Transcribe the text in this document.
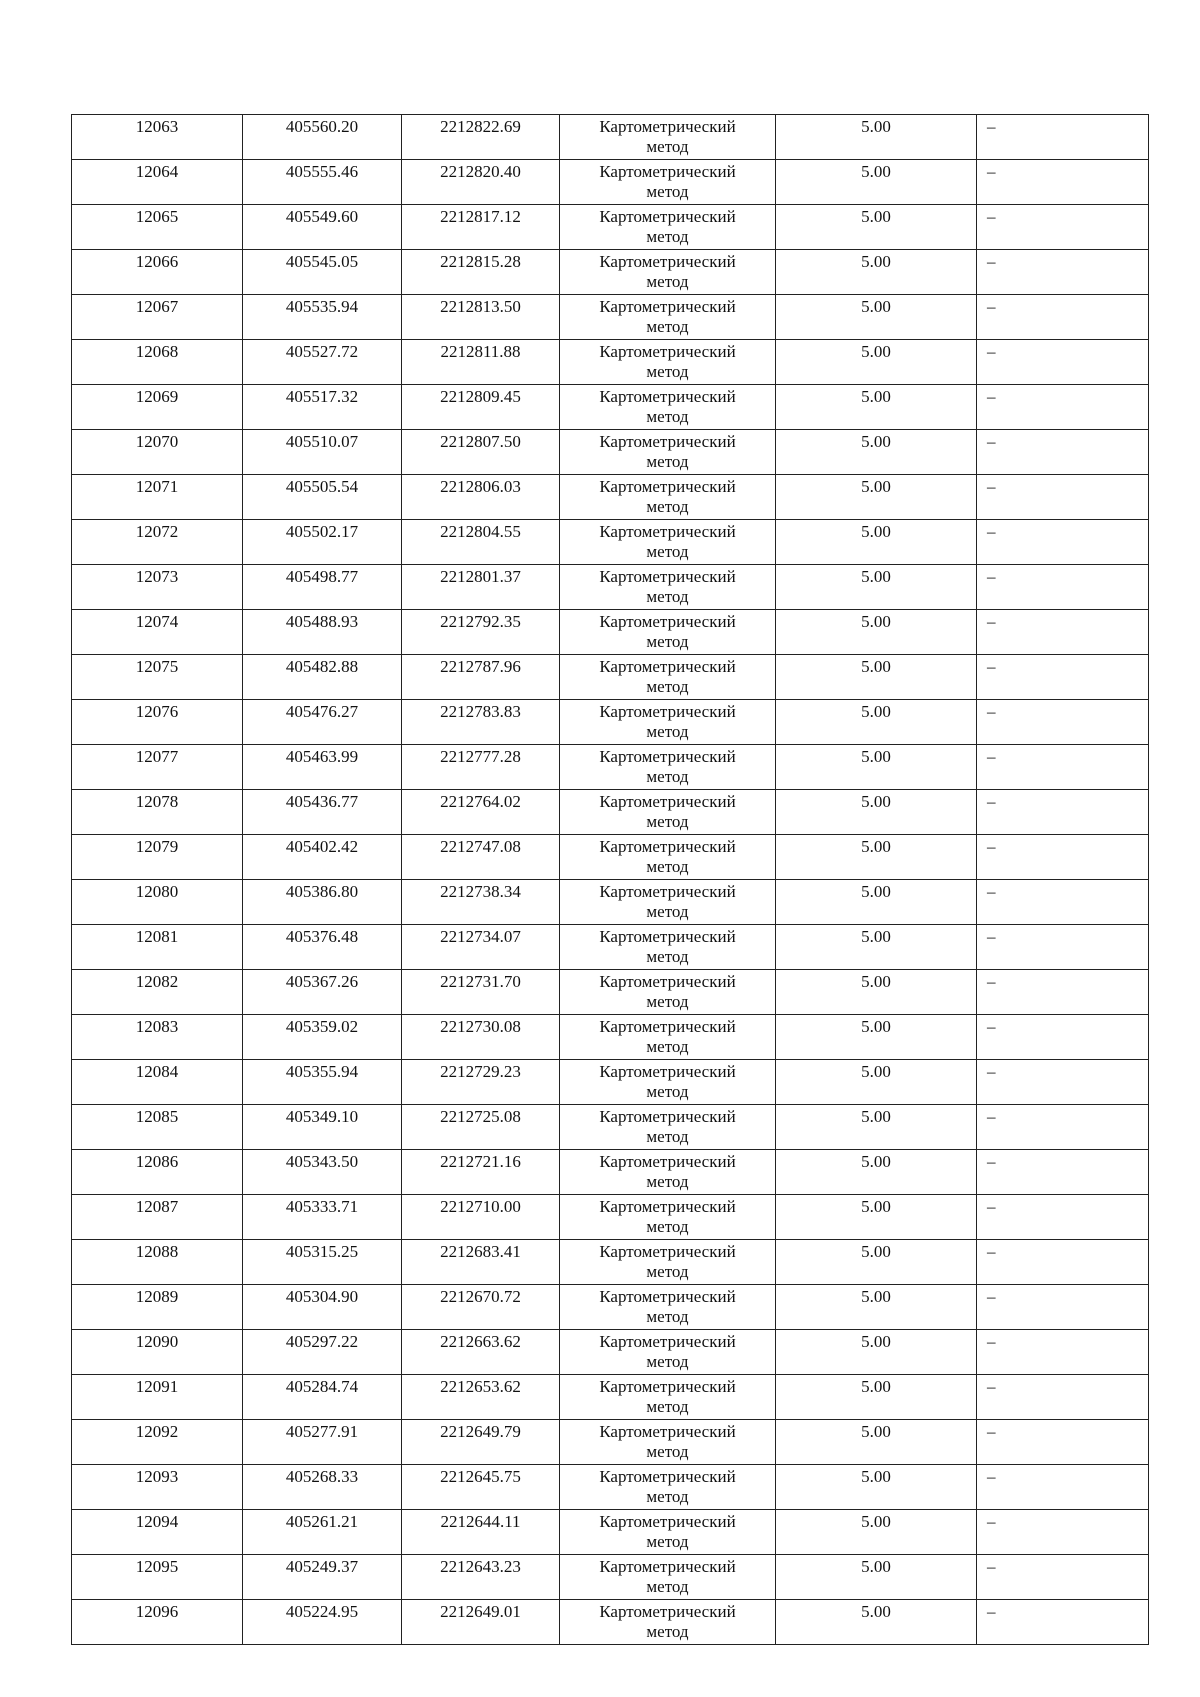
12063	405560.20	2212822.69	Картометрический метод	5.00	–
12064	405555.46	2212820.40	Картометрический метод	5.00	–
12065	405549.60	2212817.12	Картометрический метод	5.00	–
12066	405545.05	2212815.28	Картометрический метод	5.00	–
12067	405535.94	2212813.50	Картометрический метод	5.00	–
12068	405527.72	2212811.88	Картометрический метод	5.00	–
12069	405517.32	2212809.45	Картометрический метод	5.00	–
12070	405510.07	2212807.50	Картометрический метод	5.00	–
12071	405505.54	2212806.03	Картометрический метод	5.00	–
12072	405502.17	2212804.55	Картометрический метод	5.00	–
12073	405498.77	2212801.37	Картометрический метод	5.00	–
12074	405488.93	2212792.35	Картометрический метод	5.00	–
12075	405482.88	2212787.96	Картометрический метод	5.00	–
12076	405476.27	2212783.83	Картометрический метод	5.00	–
12077	405463.99	2212777.28	Картометрический метод	5.00	–
12078	405436.77	2212764.02	Картометрический метод	5.00	–
12079	405402.42	2212747.08	Картометрический метод	5.00	–
12080	405386.80	2212738.34	Картометрический метод	5.00	–
12081	405376.48	2212734.07	Картометрический метод	5.00	–
12082	405367.26	2212731.70	Картометрический метод	5.00	–
12083	405359.02	2212730.08	Картометрический метод	5.00	–
12084	405355.94	2212729.23	Картометрический метод	5.00	–
12085	405349.10	2212725.08	Картометрический метод	5.00	–
12086	405343.50	2212721.16	Картометрический метод	5.00	–
12087	405333.71	2212710.00	Картометрический метод	5.00	–
12088	405315.25	2212683.41	Картометрический метод	5.00	–
12089	405304.90	2212670.72	Картометрический метод	5.00	–
12090	405297.22	2212663.62	Картометрический метод	5.00	–
12091	405284.74	2212653.62	Картометрический метод	5.00	–
12092	405277.91	2212649.79	Картометрический метод	5.00	–
12093	405268.33	2212645.75	Картометрический метод	5.00	–
12094	405261.21	2212644.11	Картометрический метод	5.00	–
12095	405249.37	2212643.23	Картометрический метод	5.00	–
12096	405224.95	2212649.01	Картометрический метод	5.00	–
